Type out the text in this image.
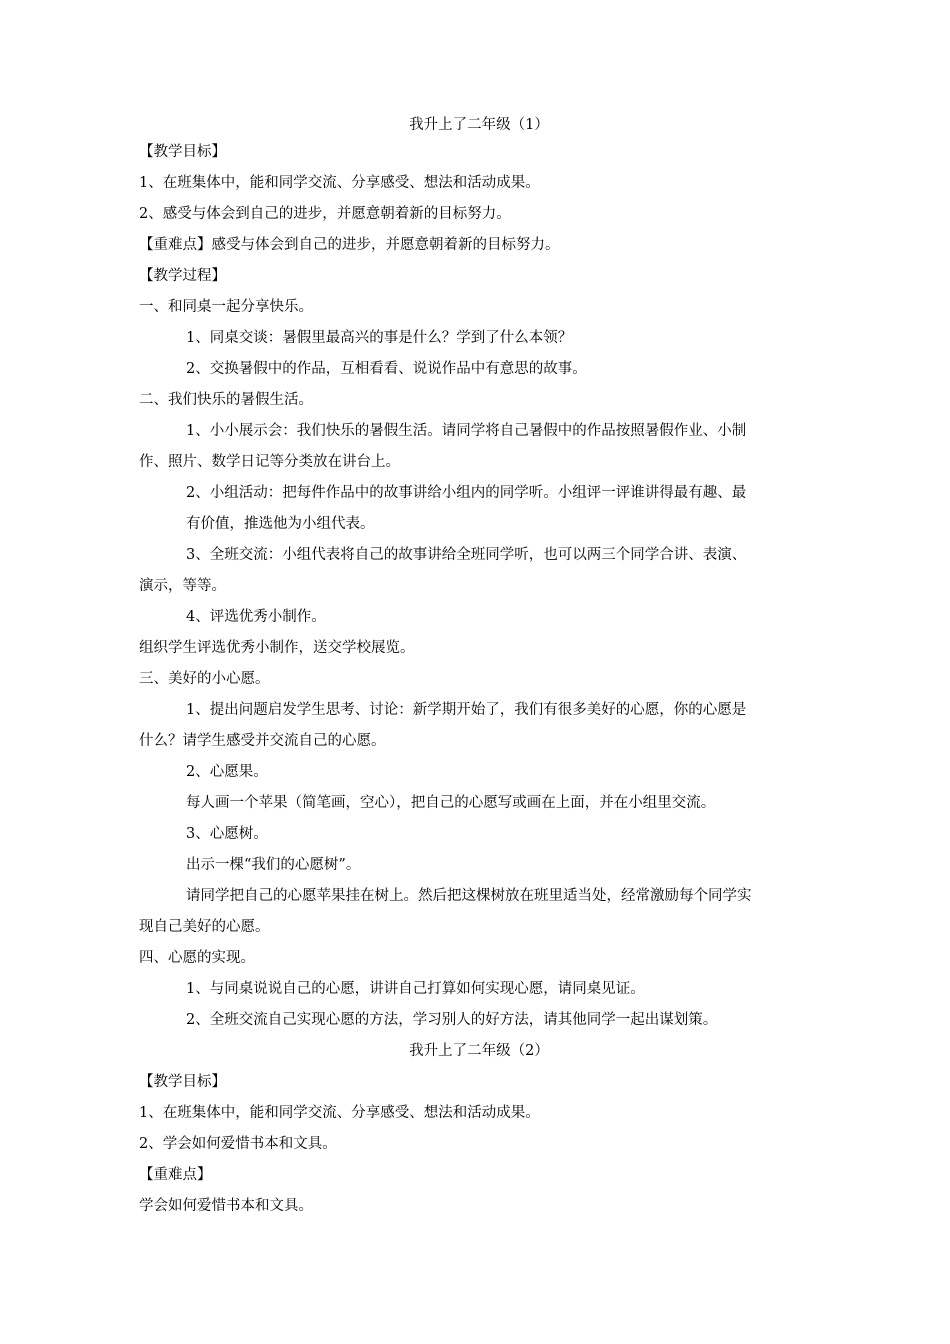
我升上了二年级（1）
【教学目标】
1、在班集体中，能和同学交流、分享感受、想法和活动成果。
2、感受与体会到自己的进步，并愿意朝着新的目标努力。
【重难点】感受与体会到自己的进步，并愿意朝着新的目标努力。
【教学过程】
一、和同桌一起分享快乐。
1、同桌交谈：暑假里最高兴的事是什么？学到了什么本领？
2、交换暑假中的作品，互相看看、说说作品中有意思的故事。
二、我们快乐的暑假生活。
1、小小展示会：我们快乐的暑假生活。请同学将自己暑假中的作品按照暑假作业、小制
作、照片、数学日记等分类放在讲台上。
2、小组活动：把每件作品中的故事讲给小组内的同学听。小组评一评谁讲得最有趣、最
有价值，推选他为小组代表。
3、全班交流：小组代表将自己的故事讲给全班同学听，也可以两三个同学合讲、表演、
演示，等等。
4、评选优秀小制作。
组织学生评选优秀小制作，送交学校展览。
三、美好的小心愿。
1、提出问题启发学生思考、讨论：新学期开始了，我们有很多美好的心愿，你的心愿是
什么？请学生感受并交流自己的心愿。
2、心愿果。
每人画一个苹果（简笔画，空心），把自己的心愿写或画在上面，并在小组里交流。
3、心愿树。
出示一棵“我们的心愿树”。
请同学把自己的心愿苹果挂在树上。然后把这棵树放在班里适当处，经常激励每个同学实
现自己美好的心愿。
四、心愿的实现。
1、与同桌说说自己的心愿，讲讲自己打算如何实现心愿，请同桌见证。
2、全班交流自己实现心愿的方法，学习别人的好方法，请其他同学一起出谋划策。
我升上了二年级（2）
【教学目标】
1、在班集体中，能和同学交流、分享感受、想法和活动成果。
2、学会如何爱惜书本和文具。
【重难点】
学会如何爱惜书本和文具。
